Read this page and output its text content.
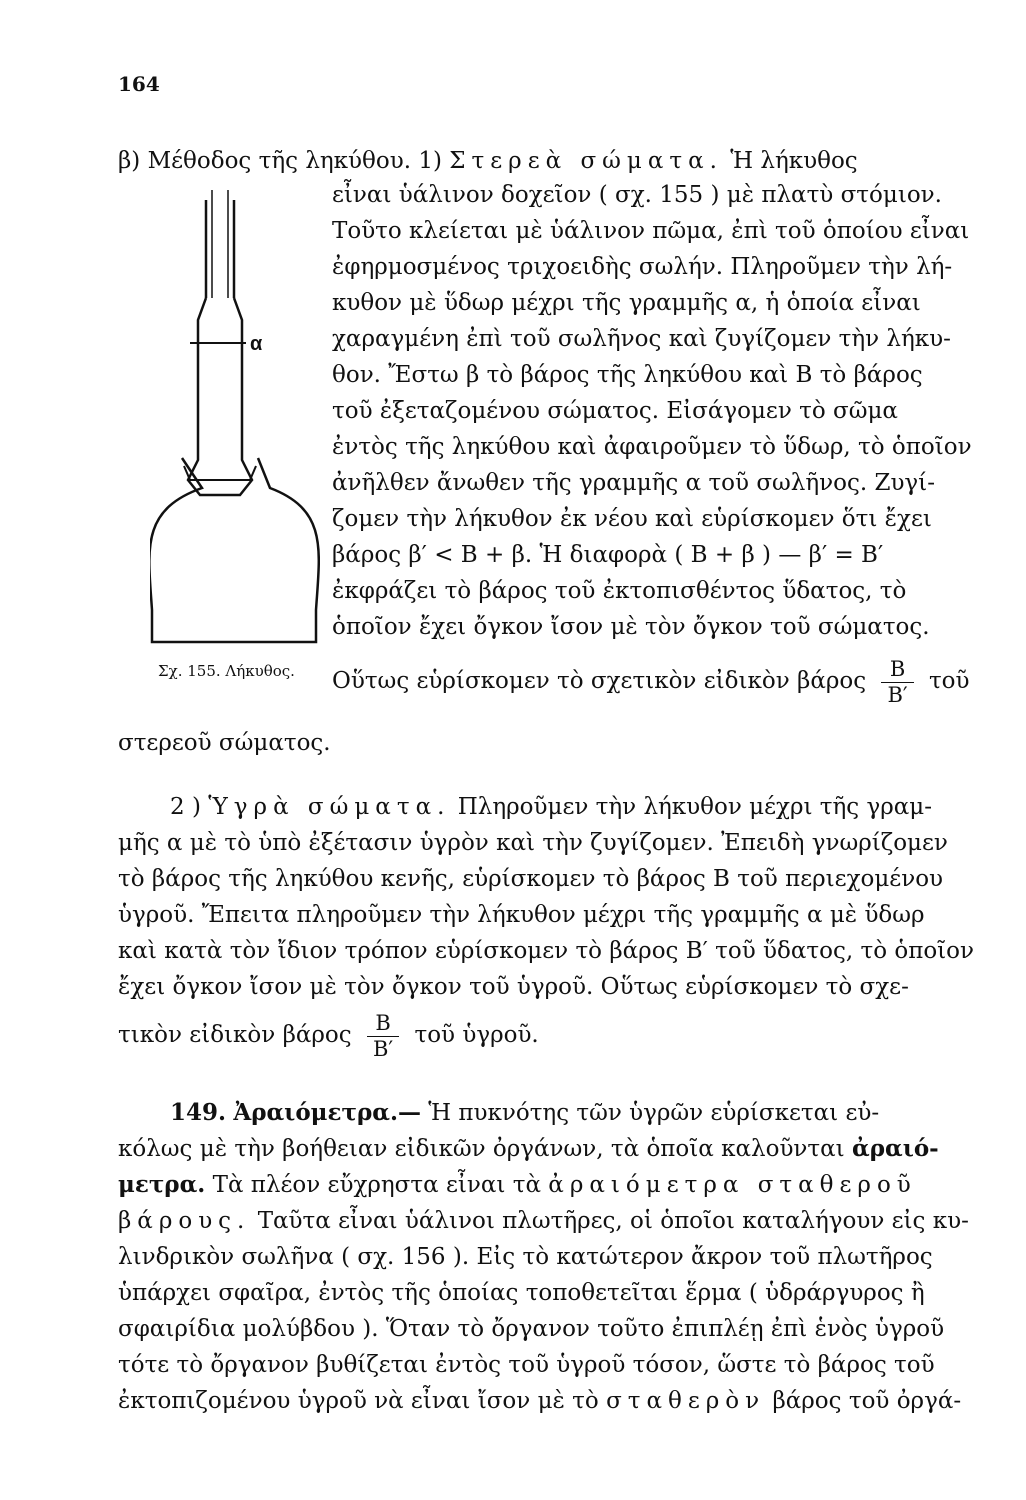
164
β) Μέθοδος τῆς ληκύθου. 1) Στερεὰ σώματα. Ἡ λήκυθος
εἶναι ὑάλινον δοχεῖον ( σχ. 155 ) μὲ πλατὺ στόμιον.
Τοῦτο κλείεται μὲ ὑάλινον πῶμα, ἐπὶ τοῦ ὁποίου εἶναι
ἐφηρμοσμένος τριχοειδὴς σωλήν. Πληροῦμεν τὴν λή-
κυθον μὲ ὕδωρ μέχρι τῆς γραμμῆς α, ἡ ὁποία εἶναι
χαραγμένη ἐπὶ τοῦ σωλῆνος καὶ ζυγίζομεν τὴν λήκυ-
θον. Ἔστω β τὸ βάρος τῆς ληκύθου καὶ Β τὸ βάρος
τοῦ ἐξεταζομένου σώματος. Εἰσάγομεν τὸ σῶμα
ἐντὸς τῆς ληκύθου καὶ ἀφαιροῦμεν τὸ ὕδωρ, τὸ ὁποῖον
ἀνῆλθεν ἄνωθεν τῆς γραμμῆς α τοῦ σωλῆνος. Ζυγί-
ζομεν τὴν λήκυθον ἐκ νέου καὶ εὑρίσκομεν ὅτι ἔχει
βάρος β′ < Β + β. Ἡ διαφορὰ ( Β + β ) — β′ = Β′
ἐκφράζει τὸ βάρος τοῦ ἐκτοπισθέντος ὕδατος, τὸ
ὁποῖον ἔχει ὄγκον ἴσον μὲ τὸν ὄγκον τοῦ σώματος.
Οὕτως εὑρίσκομεν τὸ σχετικὸν εἰδικὸν βάρος $\frac{B}{B'}$ τοῦ
στερεοῦ σώματος.
α
Σχ. 155. Λήκυθος.
2 ) Ὑγρὰ σώματα. Πληροῦμεν τὴν λήκυθον μέχρι τῆς γραμ-
μῆς α μὲ τὸ ὑπὸ ἐξέτασιν ὑγρὸν καὶ τὴν ζυγίζομεν. Ἐπειδὴ γνωρίζομεν
τὸ βάρος τῆς ληκύθου κενῆς, εὑρίσκομεν τὸ βάρος Β τοῦ περιεχομένου
ὑγροῦ. Ἔπειτα πληροῦμεν τὴν λήκυθον μέχρι τῆς γραμμῆς α μὲ ὕδωρ
καὶ κατὰ τὸν ἴδιον τρόπον εὑρίσκομεν τὸ βάρος Β′ τοῦ ὕδατος, τὸ ὁποῖον
ἔχει ὄγκον ἴσον μὲ τὸν ὄγκον τοῦ ὑγροῦ. Οὕτως εὑρίσκομεν τὸ σχε-
τικὸν εἰδικὸν βάρος $\frac{B}{B'}$ τοῦ ὑγροῦ.
149. Ἀραιόμετρα.— Ἡ πυκνότης τῶν ὑγρῶν εὑρίσκεται εὐ-
κόλως μὲ τὴν βοήθειαν εἰδικῶν ὀργάνων, τὰ ὁποῖα καλοῦνται ἀραιό-
μετρα. Τὰ πλέον εὔχρηστα εἶναι τὰ ἀραιόμετρα σταθεροῦ
βάρους. Ταῦτα εἶναι ὑάλινοι πλωτῆρες, οἱ ὁποῖοι καταλήγουν εἰς κυ-
λινδρικὸν σωλῆνα ( σχ. 156 ). Εἰς τὸ κατώτερον ἄκρον τοῦ πλωτῆρος
ὑπάρχει σφαῖρα, ἐντὸς τῆς ὁποίας τοποθετεῖται ἕρμα ( ὑδράργυρος ἢ
σφαιρίδια μολύβδου ). Ὅταν τὸ ὄργανον τοῦτο ἐπιπλέῃ ἐπὶ ἑνὸς ὑγροῦ
τότε τὸ ὄργανον βυθίζεται ἐντὸς τοῦ ὑγροῦ τόσον, ὥστε τὸ βάρος τοῦ
ἐκτοπιζομένου ὑγροῦ νὰ εἶναι ἴσον μὲ τὸ σταθερὸν βάρος τοῦ ὀργά-
